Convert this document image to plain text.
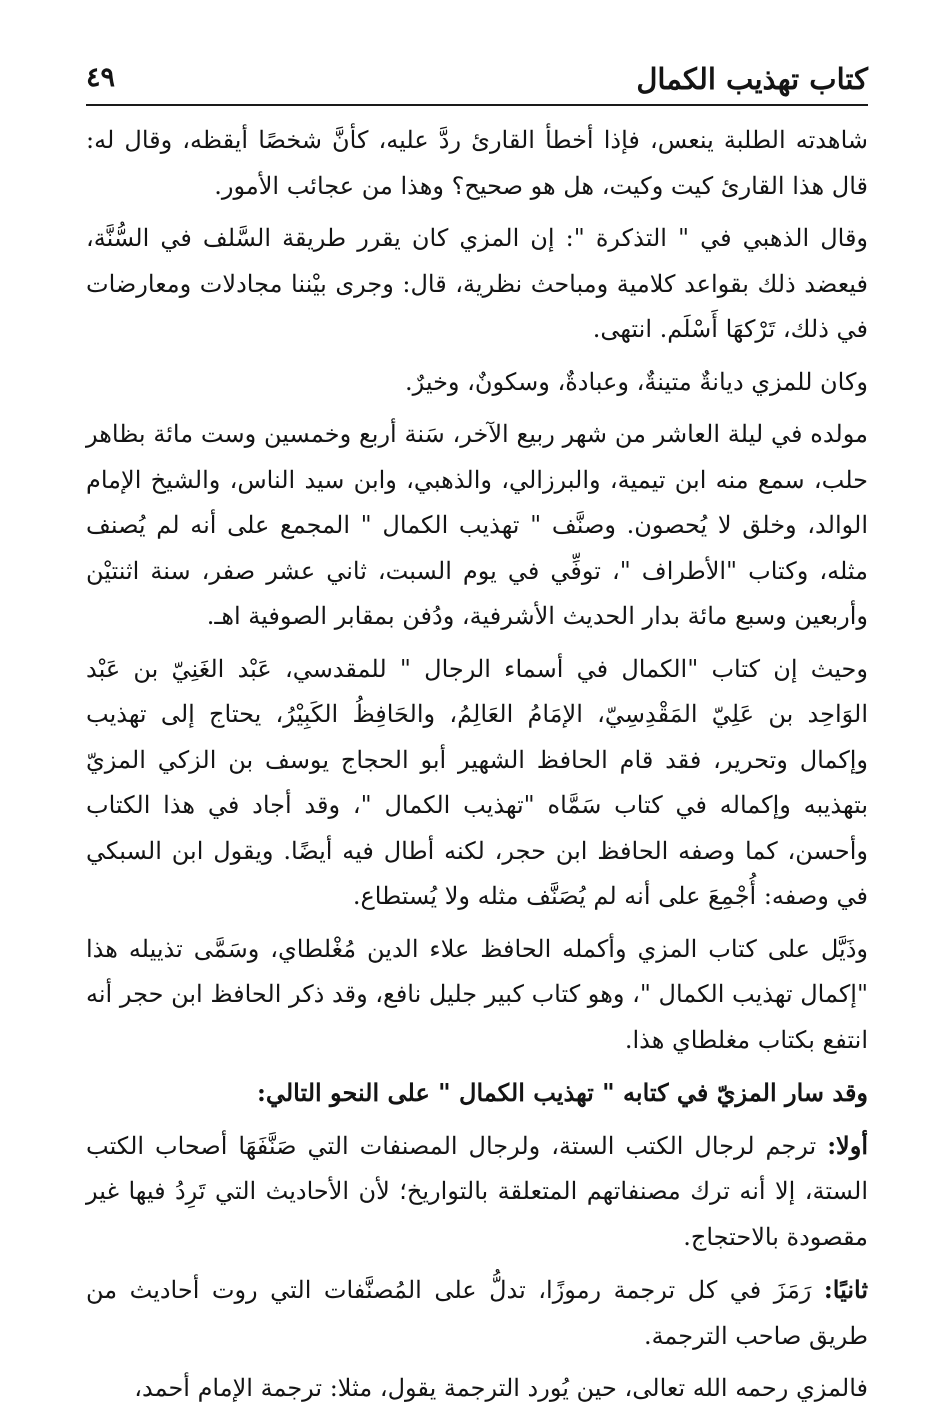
كتاب تهذيب الكمال
٤٩

شاهدته الطلبة ينعس، فإذا أخطأ القارئ ردَّ عليه، كأنَّ شخصًا أيقظه، وقال له: قال هذا القارئ كيت وكيت، هل هو صحيح؟ وهذا من عجائب الأمور.

وقال الذهبي في " التذكرة ": إن المزي كان يقرر طريقة السَّلف في السُّنَّة، فيعضد ذلك بقواعد كلامية ومباحث نظرية، قال: وجرى بيْننا مجادلات ومعارضات في ذلك، تَرْكهَا أَسْلَم. انتهى.

وكان للمزي ديانةٌ متينةٌ، وعبادةٌ، وسكونٌ، وخيرٌ.

مولده في ليلة العاشر من شهر ربيع الآخر، سَنة أربع وخمسين وست مائة بظاهر حلب، سمع منه ابن تيمية، والبرزالي، والذهبي، وابن سيد الناس، والشيخ الإمام الوالد، وخلق لا يُحصون. وصنَّف " تهذيب الكمال " المجمع على أنه لم يُصنف مثله، وكتاب "الأطراف "، توفِّي في يوم السبت، ثاني عشر صفر، سنة اثنتيْن وأربعين وسبع مائة بدار الحديث الأشرفية، ودُفن بمقابر الصوفية اهـ.

وحيث إن كتاب "الكمال في أسماء الرجال " للمقدسي، عَبْد الغَنِيّ بن عَبْد الوَاحِد بن عَلِيّ المَقْدِسِيّ، الإمَامُ العَالِمُ، والحَافِظُ الكَبِيْرُ، يحتاج إلى تهذيب وإكمال وتحرير، فقد قام الحافظ الشهير أبو الحجاج يوسف بن الزكي المزيّ بتهذيبه وإكماله في كتاب سَمَّاه "تهذيب الكمال "، وقد أجاد في هذا الكتاب وأحسن، كما وصفه الحافظ ابن حجر، لكنه أطال فيه أيضًا. ويقول ابن السبكي في وصفه: أُجْمِعَ على أنه لم يُصَنَّف مثله ولا يُستطاع.

وذَيَّل على كتاب المزي وأكمله الحافظ علاء الدين مُغْلطاي، وسَمَّى تذييله هذا "إكمال تهذيب الكمال "، وهو كتاب كبير جليل نافع، وقد ذكر الحافظ ابن حجر أنه انتفع بكتاب مغلطاي هذا.

وقد سار المزيّ في كتابه " تهذيب الكمال " على النحو التالي:

أولا: ترجم لرجال الكتب الستة، ولرجال المصنفات التي صَنَّفَهَا أصحاب الكتب الستة، إلا أنه ترك مصنفاتهم المتعلقة بالتواريخ؛ لأن الأحاديث التي تَرِدُ فيها غير مقصودة بالاحتجاج.

ثانيًا: رَمَزَ في كل ترجمة رموزًا، تدلُّ على المُصنَّفات التي روت أحاديث من طريق صاحب الترجمة.

فالمزي رحمه الله تعالى، حين يُورد الترجمة يقول، مثلا: ترجمة الإمام أحمد،
